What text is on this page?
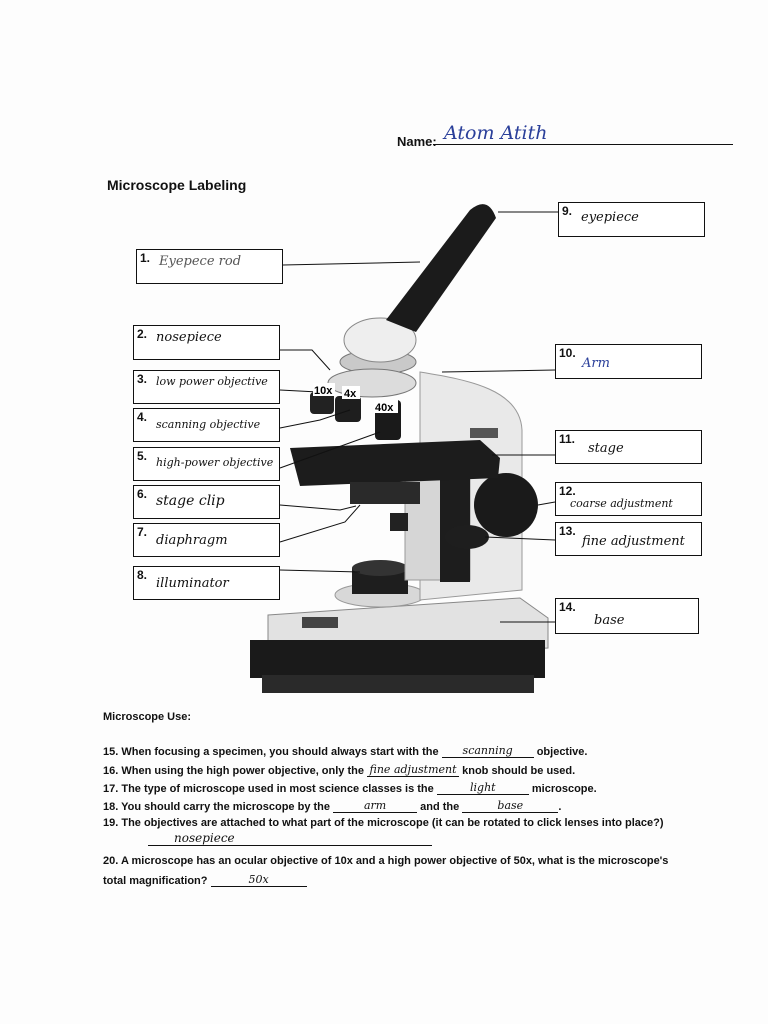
Name: Atom Atith
Microscope Labeling
10x 4x
40x
1. Eyepece rod
2. nosepiece
3. low power objective
4.
scanning objective
5. high-power objective
6. stage clip
7.
diaphragm
8.
illuminator
9. eyepiece
10.
Arm
11.
stage
12.
coarse adjustment
13.
fine adjustment
14.
base
Microscope Use:
15. When focusing a specimen, you should always start with the scanning objective.
16. When using the high power objective, only the fine adjustment knob should be used.
17. The type of microscope used in most science classes is the	light	microscope.
18. You should carry the microscope by the	arm	and the	base	.
19. The objectives are attached to what part of the microscope (it can be rotated to click lenses into place?)
nosepiece
20. A microscope has an ocular objective of 10x and a high power objective of 50x, what is the microscope's
total magnification?	50x
